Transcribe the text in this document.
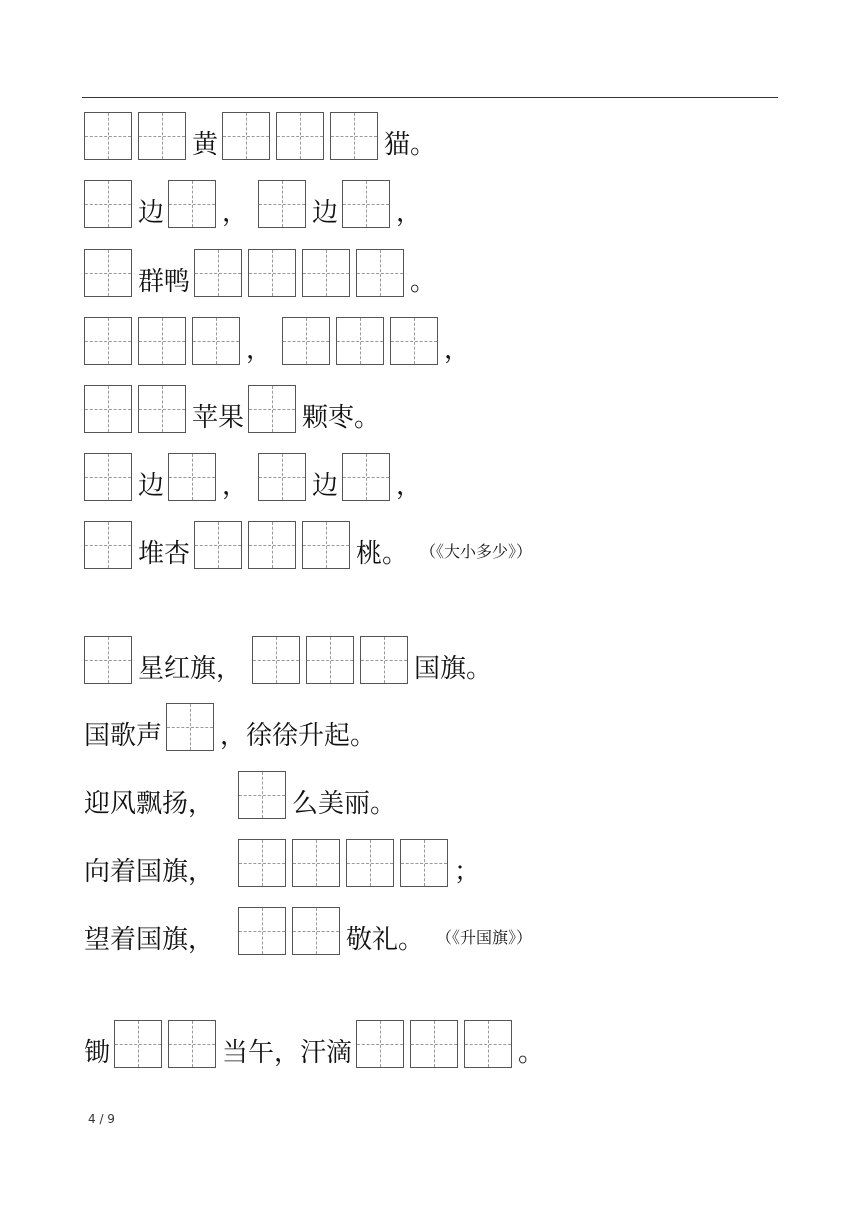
黄	猫。
边 ， 边 ，
群鸭	。
，	，
苹果 颗枣。
边 ， 边 ，
堆杏	桃。 （《大小多少》）
星红旗，	国旗。
国歌声 ，徐徐升起。
迎风飘扬，	么美丽。
向着国旗，	；
望着国旗，	敬礼。 （《升国旗》）
锄	当午，汗滴	。
4 / 9
